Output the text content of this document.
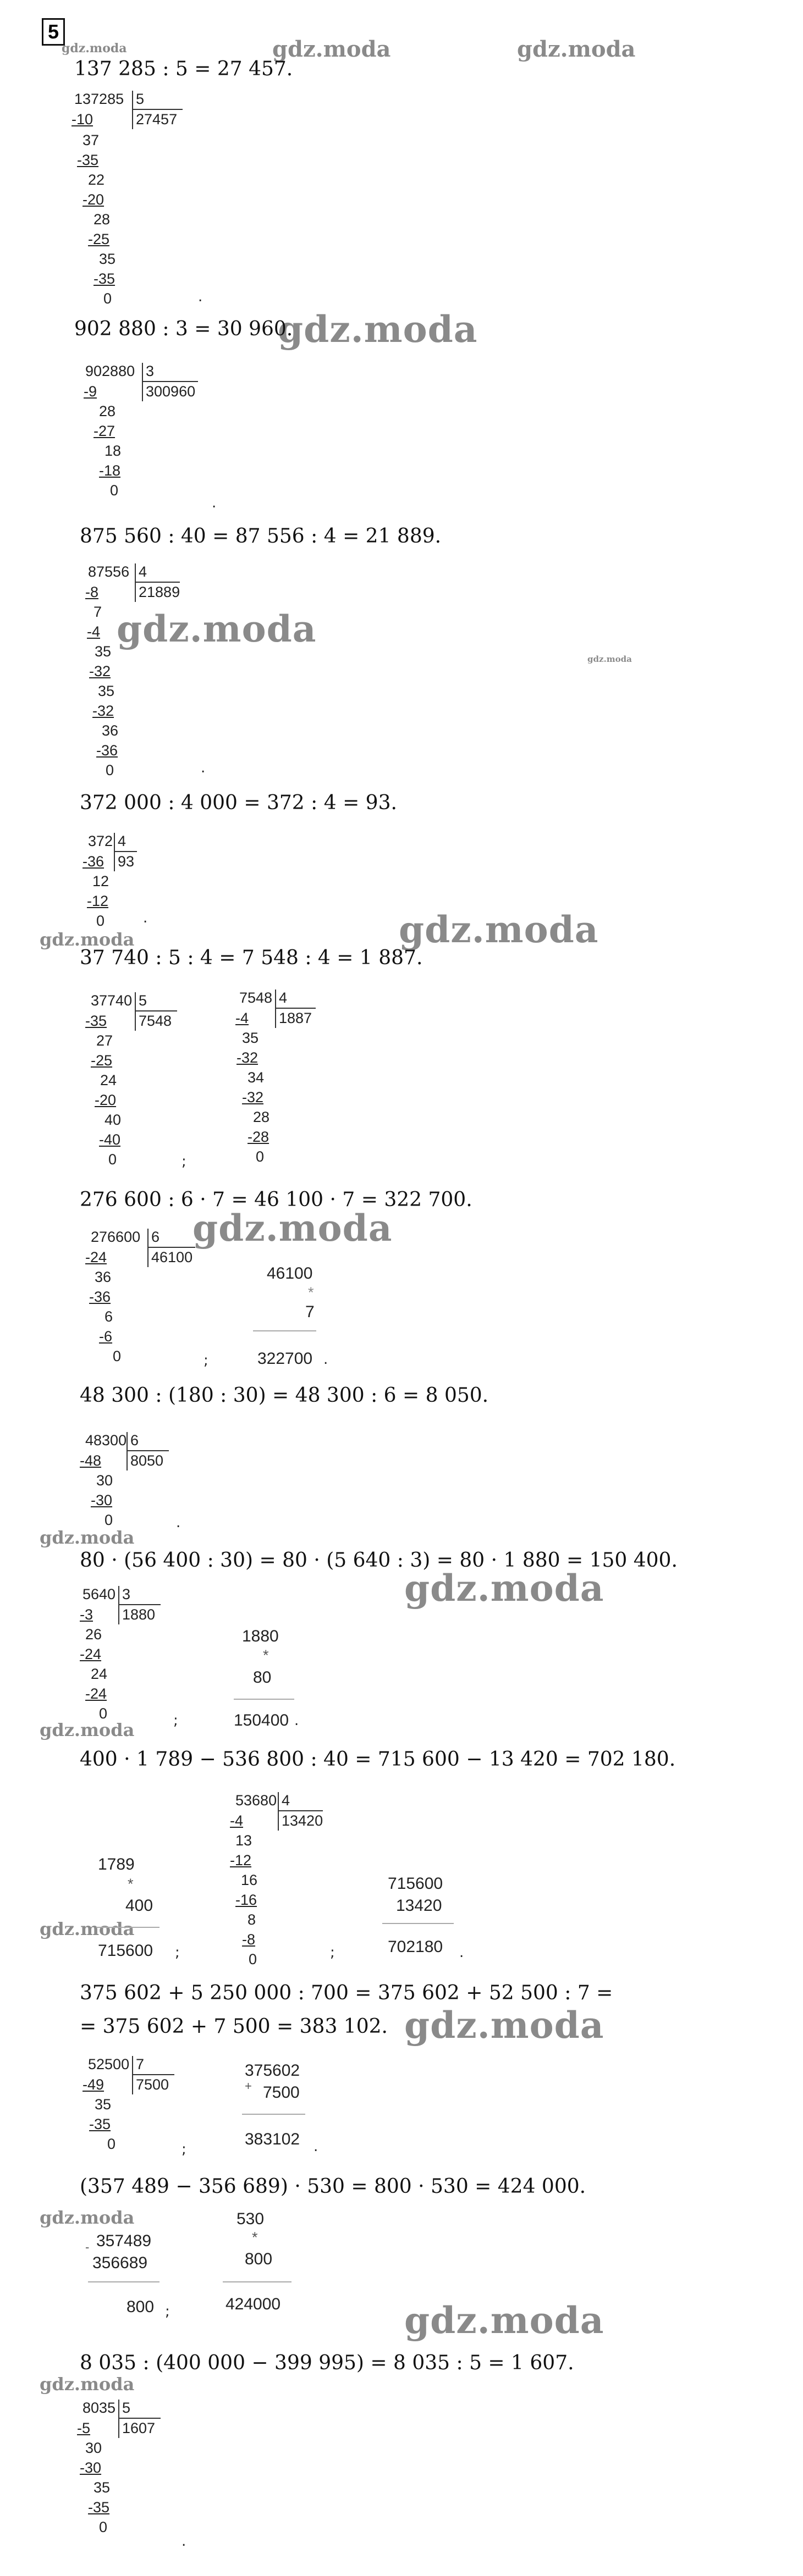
5
gdz.moda	gdz.moda	gdz.moda
gdz.moda
gdz.moda
gdz.moda
gdz.moda	gdz.moda
gdz.moda
gdz.moda
gdz.moda
gdz.moda
gdz.moda
gdz.moda
gdz.moda
gdz.moda
gdz.moda
137 285 : 5 = 27 457.
902 880 : 3 = 30 960.
875 560 : 40 = 87 556 : 4 = 21 889.
372 000 : 4 000 = 372 : 4 = 93.
37 740 : 5 : 4 = 7 548 : 4 = 1 887.
276 600 : 6 · 7 = 46 100 · 7 = 322 700.
48 300 : (180 : 30) = 48 300 : 6 = 8 050.
80 · (56 400 : 30) = 80 · (5 640 : 3) = 80 · 1 880 = 150 400.
400 · 1 789 − 536 800 : 40 = 715 600 − 13 420 = 702 180.
375 602 + 5 250 000 : 700 = 375 602 + 52 500 : 7 =
= 375 602 + 7 500 = 383 102.
(357 489 − 356 689) · 530 = 800 · 530 = 424 000.
8 035 : (400 000 − 399 995) = 8 035 : 5 = 1 607.
137285 5
27457
-10
37
-35
22
-20
28
-25
35
-35
0	.
902880 3
300960
-9
28
-27
18
-18
0
.
87556 4
21889
-8
7
-4
35
-32
35
-32
36
-36
0	.
372 4
93
-36
12
-12
0	.
37740 5
7548
-35
27
-25
24
-20
40
-40
0	;
7548 4
1887
-4
35
-32
34
-32
28
-28
0
276600 6
46100
-24
36
-36
6
-6
0	;
46100
*
7
322700 .
48300 6
8050
-48
30
-30
0	.
5640 3
1880
-3
26
-24
24
-24
0	;
1880
*
80
150400 .
1789
*
400
715600 ;
53680 4
13420
-4
13
-12
16
-16
8
-8
0	;
715600
13420
702180 .
52500 7
7500
-49
35
-35
0	;
375602
+ 7500
383102 .
- 357489
356689
800 ;
530
*
800
424000
8035 5
1607
-5
30
-30
35
-35
0
.
